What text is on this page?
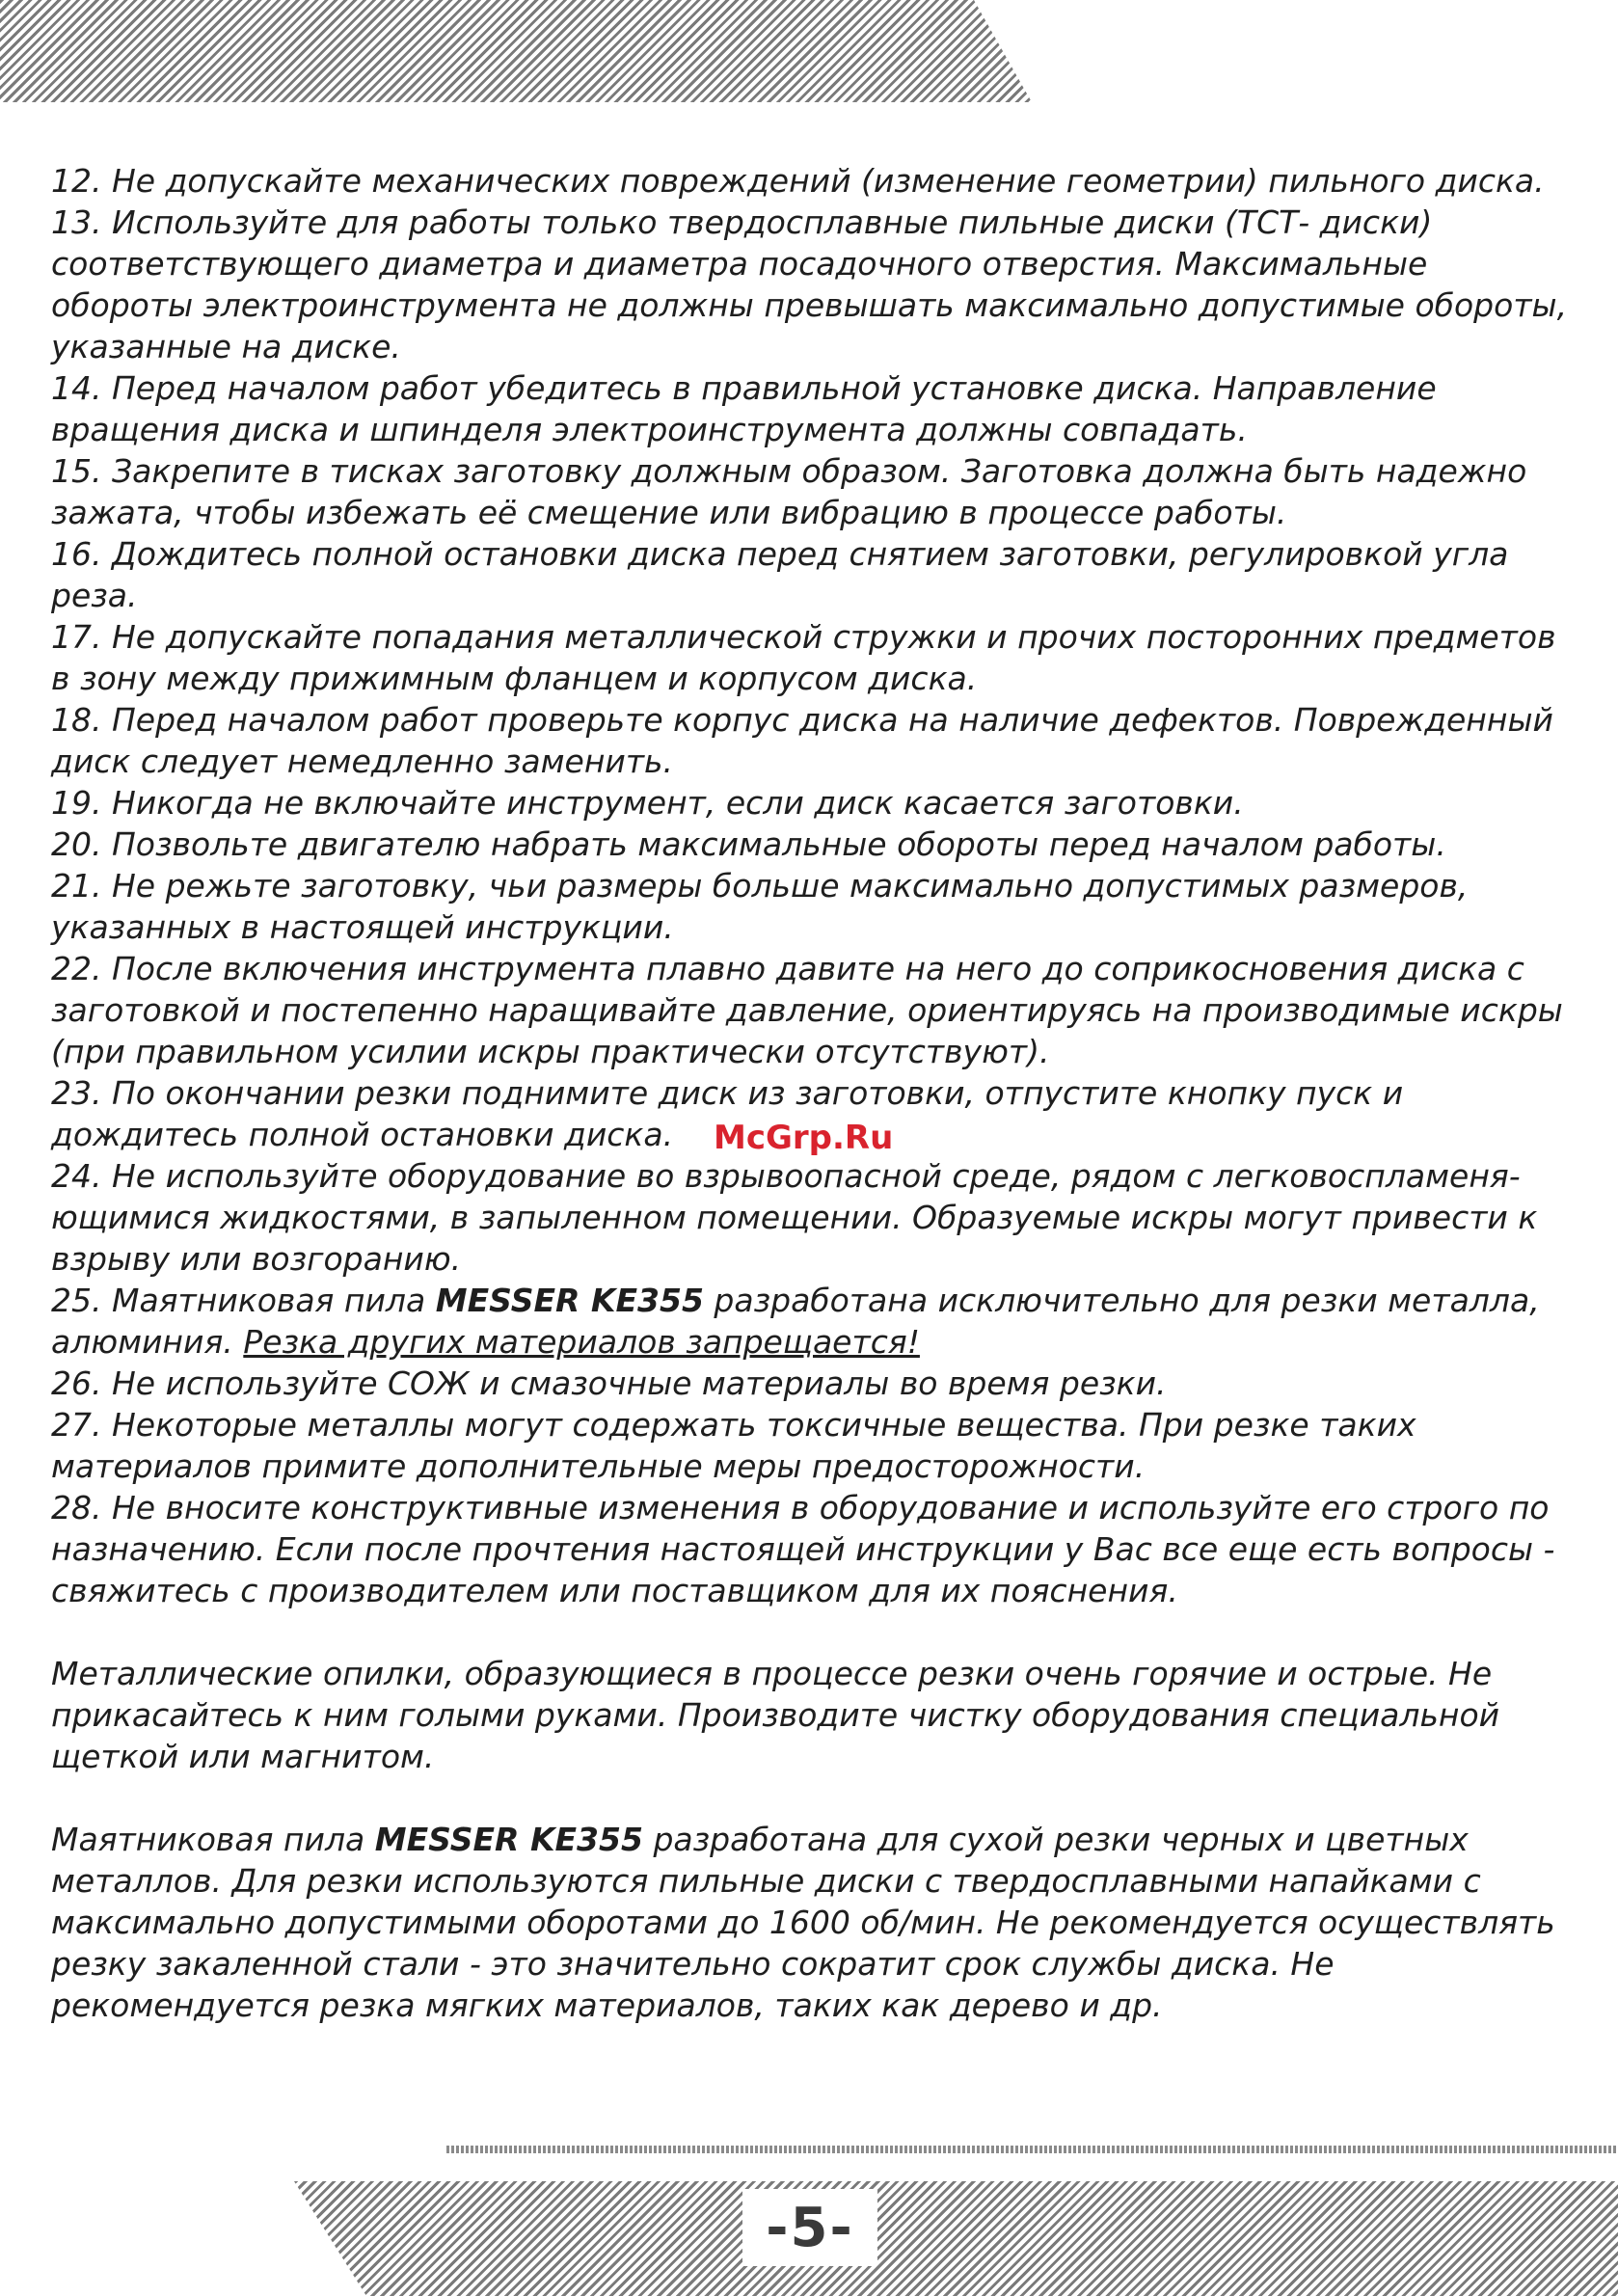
12. Не допускайте механических повреждений (изменение геометрии) пильного диска.

13. Используйте для работы только твердосплавные пильные диски (ТСТ- диски) соответствующего диаметра и диаметра посадочного отверстия. Максимальные обороты электроинструмента не должны превышать максимально допустимые обороты, указанные на диске.

14. Перед началом работ убедитесь в правильной установке диска. Направление вращения диска и шпинделя электроинструмента должны совпадать.

15. Закрепите в тисках заготовку должным образом. Заготовка должна быть надежно зажата, чтобы избежать её смещение или вибрацию в процессе работы.

16. Дождитесь полной остановки диска перед снятием заготовки, регулировкой угла реза.

17. Не допускайте попадания металлической стружки и прочих посторонних предметов в зону между прижимным фланцем и корпусом диска.

18. Перед началом работ проверьте корпус диска на наличие дефектов. Поврежденный диск следует немедленно заменить.

19. Никогда не включайте инструмент, если диск касается заготовки.

20. Позвольте двигателю набрать максимальные обороты перед началом работы.

21. Не режьте заготовку, чьи размеры больше максимально допустимых размеров, указанных в настоящей инструкции.

22. После включения инструмента плавно давите на него до соприкосновения диска с заготовкой и постепенно наращивайте давление, ориентируясь на производимые искры (при правильном усилии искры практически отсутствуют).

23. По окончании резки поднимите диск из заготовки, отпустите кнопку пуск и дождитесь полной остановки диска.

24. Не используйте оборудование во взрывоопасной среде, рядом с легковоспламеня-ющимися жидкостями, в запыленном помещении. Образуемые искры могут привести к взрыву или возгоранию.

25. Маятниковая пила MESSER KE355 разработана исключительно для резки металла, алюминия. Резка других материалов запрещается!

26. Не используйте СОЖ и смазочные материалы во время резки.

27. Некоторые металлы могут содержать токсичные вещества. При резке таких материалов примите дополнительные меры предосторожности.

28. Не вносите конструктивные изменения в оборудование и используйте его строго по назначению. Если после прочтения настоящей инструкции у Вас все еще есть вопросы - свяжитесь с производителем или поставщиком для их пояснения.

Металлические опилки, образующиеся в процессе резки очень горячие и острые. Не прикасайтесь к ним голыми руками. Производите чистку оборудования специальной щеткой или магнитом.

Маятниковая пила MESSER KE355 разработана для сухой резки черных и цветных металлов. Для резки используются пильные диски с твердосплавными напайками с максимально допустимыми оборотами до 1600 об/мин. Не рекомендуется осуществлять резку закаленной стали - это значительно сократит срок службы диска. Не рекомендуется резка мягких материалов, таких как дерево и др.

McGrp.Ru
-5-
